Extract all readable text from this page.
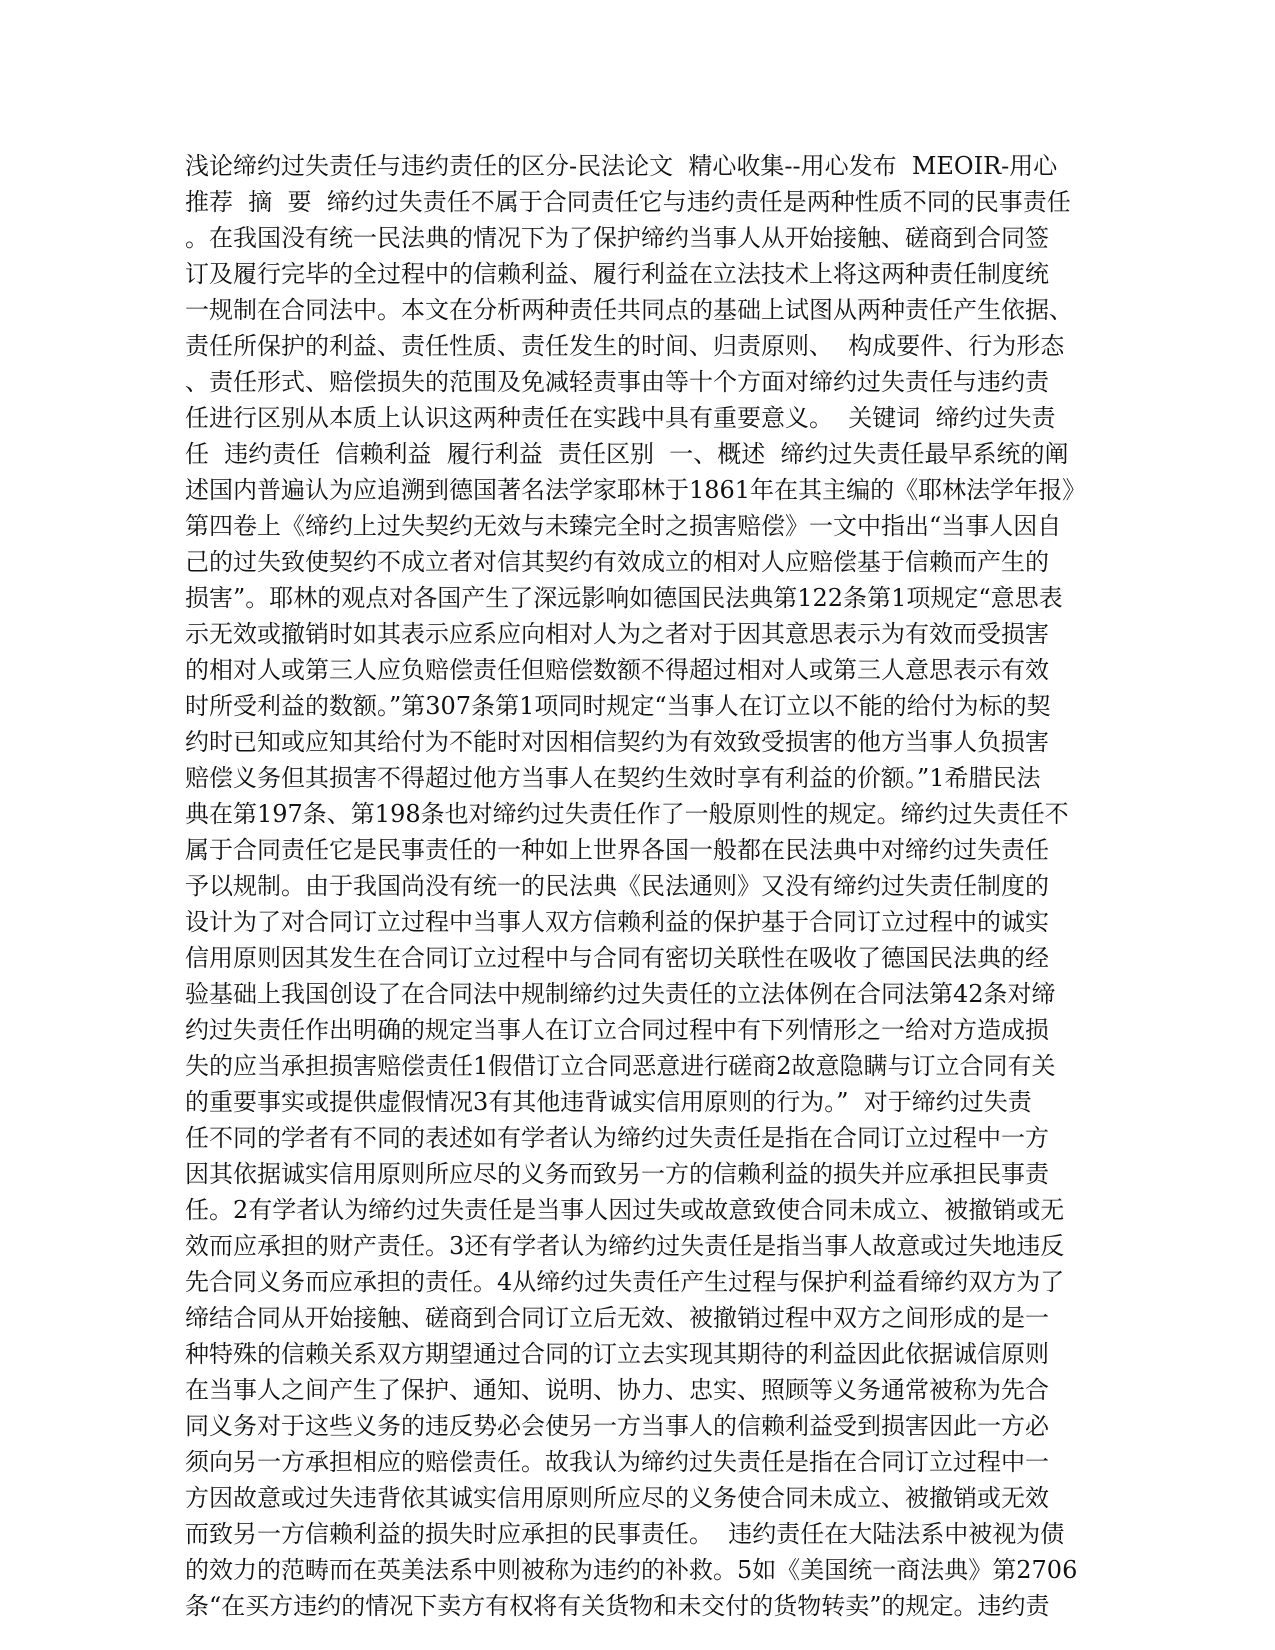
浅论缔约过失责任与违约责任的区分-民法论文  精心收集--用心发布  MEOIR-用心
推荐  摘  要  缔约过失责任不属于合同责任它与违约责任是两种性质不同的民事责任
。在我国没有统一民法典的情况下为了保护缔约当事人从开始接触、磋商到合同签
订及履行完毕的全过程中的信赖利益、履行利益在立法技术上将这两种责任制度统
一规制在合同法中。本文在分析两种责任共同点的基础上试图从两种责任产生依据、
责任所保护的利益、责任性质、责任发生的时间、归责原则、  构成要件、行为形态
、责任形式、赔偿损失的范围及免减轻责事由等十个方面对缔约过失责任与违约责
任进行区别从本质上认识这两种责任在实践中具有重要意义。  关键词  缔约过失责
任  违约责任  信赖利益  履行利益  责任区别  一、概述  缔约过失责任最早系统的阐
述国内普遍认为应追溯到德国著名法学家耶林于1861年在其主编的《耶林法学年报》
第四卷上《缔约上过失契约无效与未臻完全时之损害赔偿》一文中指出“当事人因自
己的过失致使契约不成立者对信其契约有效成立的相对人应赔偿基于信赖而产生的
损害”。耶林的观点对各国产生了深远影响如德国民法典第122条第1项规定“意思表
示无效或撤销时如其表示应系应向相对人为之者对于因其意思表示为有效而受损害
的相对人或第三人应负赔偿责任但赔偿数额不得超过相对人或第三人意思表示有效
时所受利益的数额。”第307条第1项同时规定“当事人在订立以不能的给付为标的契
约时已知或应知其给付为不能时对因相信契约为有效致受损害的他方当事人负损害
赔偿义务但其损害不得超过他方当事人在契约生效时享有利益的价额。”1希腊民法
典在第197条、第198条也对缔约过失责任作了一般原则性的规定。缔约过失责任不
属于合同责任它是民事责任的一种如上世界各国一般都在民法典中对缔约过失责任
予以规制。由于我国尚没有统一的民法典《民法通则》又没有缔约过失责任制度的
设计为了对合同订立过程中当事人双方信赖利益的保护基于合同订立过程中的诚实
信用原则因其发生在合同订立过程中与合同有密切关联性在吸收了德国民法典的经
验基础上我国创设了在合同法中规制缔约过失责任的立法体例在合同法第42条对缔
约过失责任作出明确的规定当事人在订立合同过程中有下列情形之一给对方造成损
失的应当承担损害赔偿责任1假借订立合同恶意进行磋商2故意隐瞒与订立合同有关
的重要事实或提供虚假情况3有其他违背诚实信用原则的行为。”  对于缔约过失责
任不同的学者有不同的表述如有学者认为缔约过失责任是指在合同订立过程中一方
因其依据诚实信用原则所应尽的义务而致另一方的信赖利益的损失并应承担民事责
任。2有学者认为缔约过失责任是当事人因过失或故意致使合同未成立、被撤销或无
效而应承担的财产责任。3还有学者认为缔约过失责任是指当事人故意或过失地违反
先合同义务而应承担的责任。4从缔约过失责任产生过程与保护利益看缔约双方为了
缔结合同从开始接触、磋商到合同订立后无效、被撤销过程中双方之间形成的是一
种特殊的信赖关系双方期望通过合同的订立去实现其期待的利益因此依据诚信原则
在当事人之间产生了保护、通知、说明、协力、忠实、照顾等义务通常被称为先合
同义务对于这些义务的违反势必会使另一方当事人的信赖利益受到损害因此一方必
须向另一方承担相应的赔偿责任。故我认为缔约过失责任是指在合同订立过程中一
方因故意或过失违背依其诚实信用原则所应尽的义务使合同未成立、被撤销或无效
而致另一方信赖利益的损失时应承担的民事责任。  违约责任在大陆法系中被视为债
的效力的范畴而在英美法系中则被称为违约的补救。5如《美国统一商法典》第2706
条“在买方违约的情况下卖方有权将有关货物和未交付的货物转卖”的规定。违约责
